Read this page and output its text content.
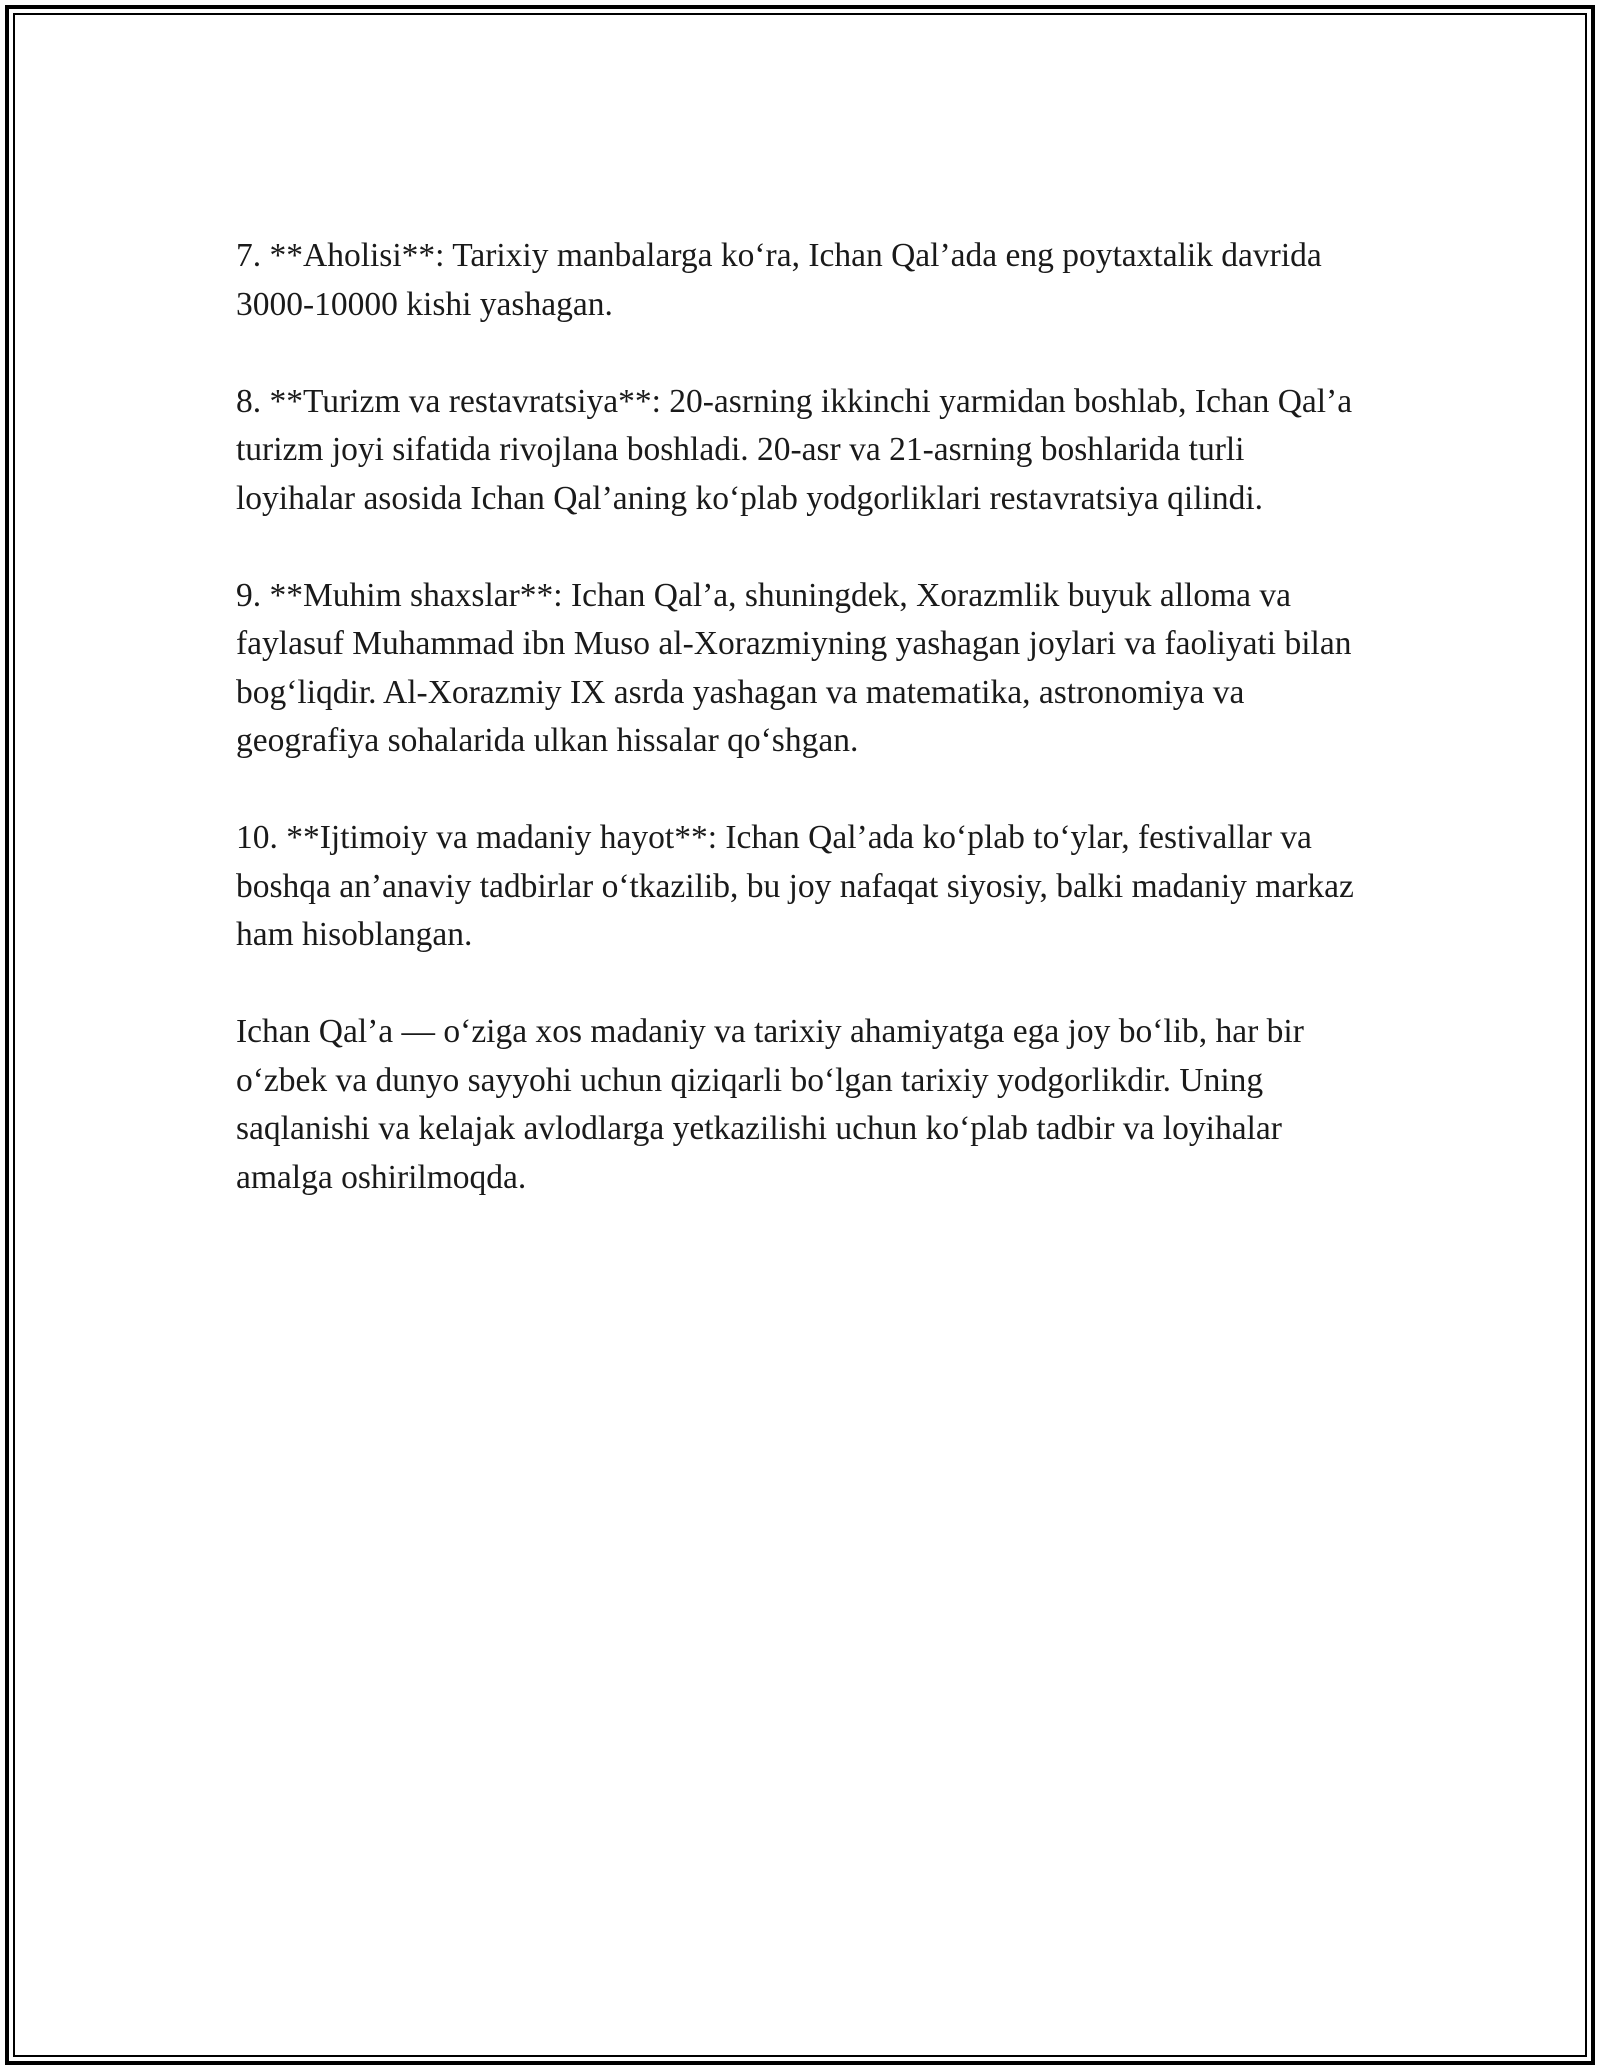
7. **Aholisi**: Tarixiy manbalarga ko‘ra, Ichan Qal’ada eng poytaxtalik davrida 3000-10000 kishi yashagan.

8. **Turizm va restavratsiya**: 20-asrning ikkinchi yarmidan boshlab, Ichan Qal’a turizm joyi sifatida rivojlana boshladi. 20-asr va 21-asrning boshlarida turli loyihalar asosida Ichan Qal’aning ko‘plab yodgorliklari restavratsiya qilindi.

9. **Muhim shaxslar**: Ichan Qal’a, shuningdek, Xorazmlik buyuk alloma va faylasuf Muhammad ibn Muso al-Xorazmiyning yashagan joylari va faoliyati bilan bog‘liqdir. Al-Xorazmiy IX asrda yashagan va matematika, astronomiya va geografiya sohalarida ulkan hissalar qo‘shgan.

10. **Ijtimoiy va madaniy hayot**: Ichan Qal’ada ko‘plab to‘ylar, festivallar va boshqa an’anaviy tadbirlar o‘tkazilib, bu joy nafaqat siyosiy, balki madaniy markaz ham hisoblangan.

Ichan Qal’a — o‘ziga xos madaniy va tarixiy ahamiyatga ega joy bo‘lib, har bir o‘zbek va dunyo sayyohi uchun qiziqarli bo‘lgan tarixiy yodgorlikdir. Uning saqlanishi va kelajak avlodlarga yetkazilishi uchun ko‘plab tadbir va loyihalar amalga oshirilmoqda.
